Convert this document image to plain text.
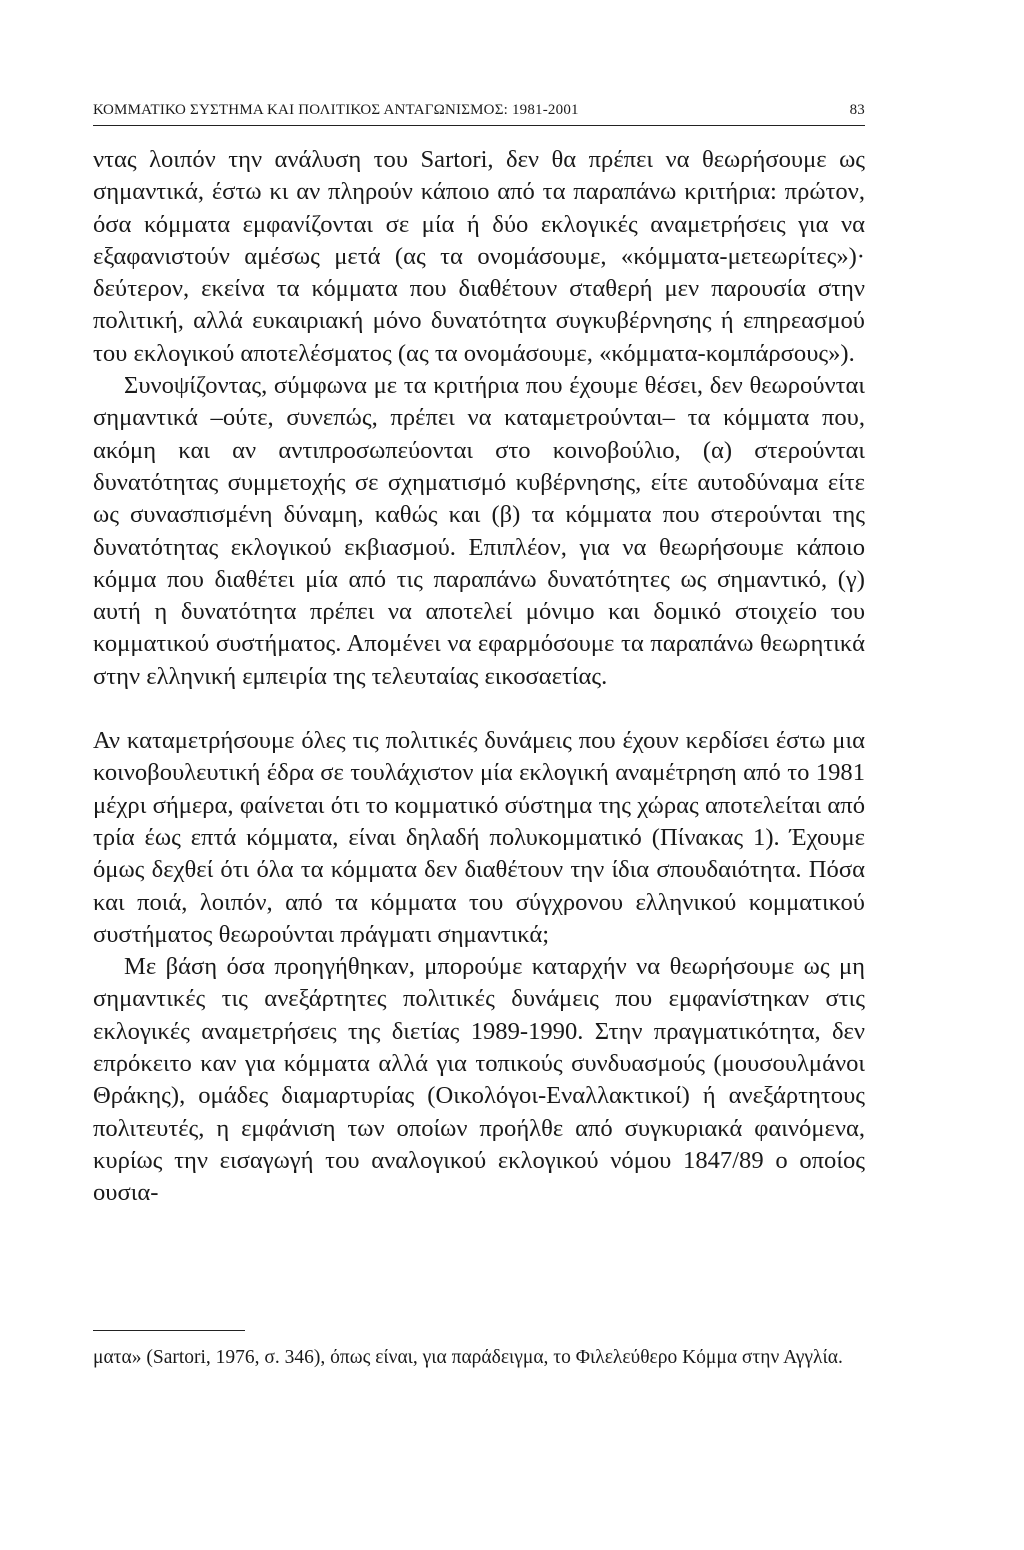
ΚΟΜΜΑΤΙΚΟ ΣΥΣΤΗΜΑ ΚΑΙ ΠΟΛΙΤΙΚΟΣ ΑΝΤΑΓΩΝΙΣΜΟΣ: 1981-2001	83

ντας λοιπόν την ανάλυση του Sartori, δεν θα πρέπει να θεωρήσουμε ως σημαντικά, έστω κι αν πληρούν κάποιο από τα παραπάνω κριτήρια: πρώτον, όσα κόμματα εμφανίζονται σε μία ή δύο εκλογικές αναμετρήσεις για να εξαφανιστούν αμέσως μετά (ας τα ονομάσουμε, «κόμματα-μετεωρίτες»)· δεύτερον, εκείνα τα κόμματα που διαθέτουν σταθερή μεν παρουσία στην πολιτική, αλλά ευκαιριακή μόνο δυνατότητα συγκυβέρνησης ή επηρεασμού του εκλογικού αποτελέσματος (ας τα ονομάσουμε, «κόμματα-κομπάρσους»).

Συνοψίζοντας, σύμφωνα με τα κριτήρια που έχουμε θέσει, δεν θεωρούνται σημαντικά –ούτε, συνεπώς, πρέπει να καταμετρούνται– τα κόμματα που, ακόμη και αν αντιπροσωπεύονται στο κοινοβούλιο, (α) στερούνται δυνατότητας συμμετοχής σε σχηματισμό κυβέρνησης, είτε αυτοδύναμα είτε ως συνασπισμένη δύναμη, καθώς και (β) τα κόμματα που στερούνται της δυνατότητας εκλογικού εκβιασμού. Επιπλέον, για να θεωρήσουμε κάποιο κόμμα που διαθέτει μία από τις παραπάνω δυνατότητες ως σημαντικό, (γ) αυτή η δυνατότητα πρέπει να αποτελεί μόνιμο και δομικό στοιχείο του κομματικού συστήματος. Απομένει να εφαρμόσουμε τα παραπάνω θεωρητικά στην ελληνική εμπειρία της τελευταίας εικοσαετίας.

Αν καταμετρήσουμε όλες τις πολιτικές δυνάμεις που έχουν κερδίσει έστω μια κοινοβουλευτική έδρα σε τουλάχιστον μία εκλογική αναμέτρηση από το 1981 μέχρι σήμερα, φαίνεται ότι το κομματικό σύστημα της χώρας αποτελείται από τρία έως επτά κόμματα, είναι δηλαδή πολυκομματικό (Πίνακας 1). Έχουμε όμως δεχθεί ότι όλα τα κόμματα δεν διαθέτουν την ίδια σπουδαιότητα. Πόσα και ποιά, λοιπόν, από τα κόμματα του σύγχρονου ελληνικού κομματικού συστήματος θεωρούνται πράγματι σημαντικά;

Με βάση όσα προηγήθηκαν, μπορούμε καταρχήν να θεωρήσουμε ως μη σημαντικές τις ανεξάρτητες πολιτικές δυνάμεις που εμφανίστηκαν στις εκλογικές αναμετρήσεις της διετίας 1989-1990. Στην πραγματικότητα, δεν επρόκειτο καν για κόμματα αλλά για τοπικούς συνδυασμούς (μουσουλμάνοι Θράκης), ομάδες διαμαρτυρίας (Οικολόγοι-Εναλλακτικοί) ή ανεξάρτητους πολιτευτές, η εμφάνιση των οποίων προήλθε από συγκυριακά φαινόμενα, κυρίως την εισαγωγή του αναλογικού εκλογικού νόμου 1847/89 ο οποίος ουσια-

ματα» (Sartori, 1976, σ. 346), όπως είναι, για παράδειγμα, το Φιλελεύθερο Κόμμα στην Αγγλία.
